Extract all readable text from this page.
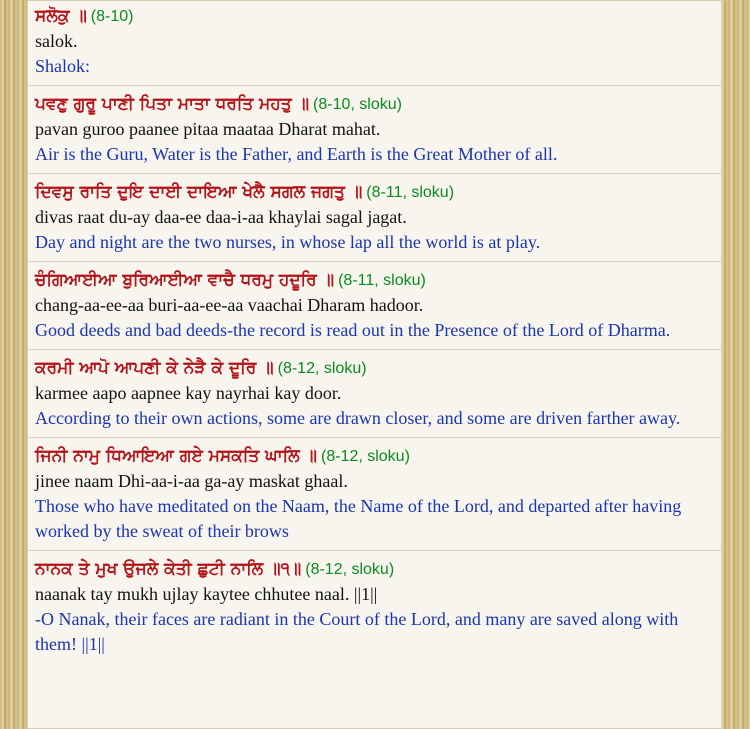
ਸਲੋਕੁ ॥ (8-10)
salok.
Shalok:
ਪਵਣੁ ਗੁਰੂ ਪਾਣੀ ਪਿਤਾ ਮਾਤਾ ਧਰਤਿ ਮਹਤੁ ॥ (8-10, sloku)
pavan guroo paanee pitaa maataa Dharat mahat.
Air is the Guru, Water is the Father, and Earth is the Great Mother of all.
ਦਿਵਸੁ ਰਾਤਿ ਦੁਇ ਦਾਈ ਦਾਇਆ ਖੇਲੈ ਸਗਲ ਜਗਤੁ ॥ (8-11, sloku)
divas raat du-ay daa-ee daa-i-aa khaylai sagal jagat.
Day and night are the two nurses, in whose lap all the world is at play.
ਚੰਗਿਆਈਆ ਬੁਰਿਆਈਆ ਵਾਚੈ ਧਰਮੁ ਹਦੂਰਿ ॥ (8-11, sloku)
chang-aa-ee-aa buri-aa-ee-aa vaachai Dharam hadoor.
Good deeds and bad deeds-the record is read out in the Presence of the Lord of Dharma.
ਕਰਮੀ ਆਪੋ ਆਪਣੀ ਕੇ ਨੇੜੈ ਕੇ ਦੂਰਿ ॥ (8-12, sloku)
karmee aapo aapnee kay nayrhai kay door.
According to their own actions, some are drawn closer, and some are driven farther away.
ਜਿਨੀ ਨਾਮੁ ਧਿਆਇਆ ਗਏ ਮਸਕਤਿ ਘਾਲਿ ॥ (8-12, sloku)
jinee naam Dhi-aa-i-aa ga-ay maskat ghaal.
Those who have meditated on the Naam, the Name of the Lord, and departed after having worked by the sweat of their brows
ਨਾਨਕ ਤੇ ਮੁਖ ਉਜਲੇ ਕੇਤੀ ਛੁਟੀ ਨਾਲਿ ॥੧॥ (8-12, sloku)
naanak tay mukh ujlay kaytee chhutee naal. ||1||
-O Nanak, their faces are radiant in the Court of the Lord, and many are saved along with them! ||1||
